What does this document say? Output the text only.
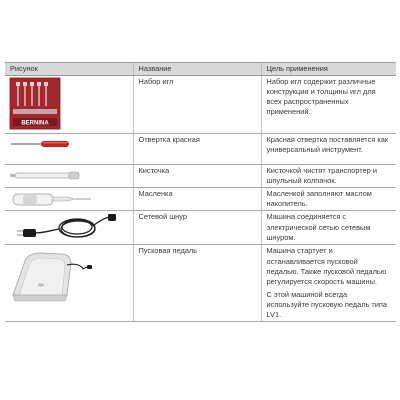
Рисунок	Название	Цель применения

BERNINA	Набор игл	Набор игл содержит различные конструкции и толщины игл для всех распространенных применений.

	Отвертка красная	Красная отвертка поставляется как универсальный инструмент.

	Кисточка	Кисточкой чистят транспортер и шпульный колпачок.

	Масленка	Масленкой заполняют маслом накопитель.

	Сетевой шнур	Машина соединяется с электрической сетью сетевым шнуром.

	Пусковая педаль	Машина стартует и останавливается пусковой педалью. Также пусковой педалью регулируется скорость машины.

С этой машиной всегда используйте пусковую педаль типа LV1.
